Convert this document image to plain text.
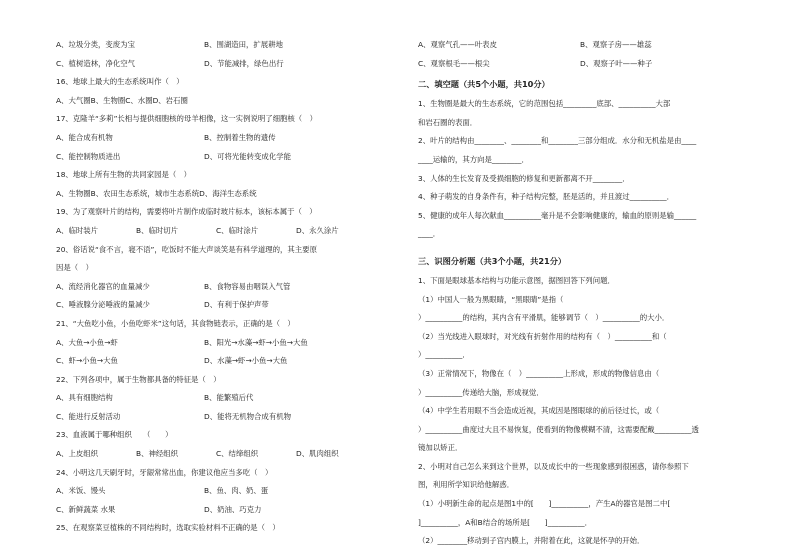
A、垃圾分类，变废为宝	B、围湖造田，扩展耕地
C、植树造林，净化空气	D、节能减排，绿色出行
16、地球上最大的生态系统叫作（　）
A、大气圈B、生物圈C、水圈D、岩石圈
17、克隆羊“多莉”长相与提供细胞核的母羊相像，这一实例说明了细胞核（　）
A、能合成有机物	B、控制着生物的遗传
C、能控制物质进出	D、可将光能转变成化学能
18、地球上所有生物的共同家园是（　）
A、生物圈B、农田生态系统，城市生态系统D、海洋生态系统
19、为了观察叶片的结构，需要将叶片制作成临时玻片标本，该标本属于（　）
A、临时装片	B、临时切片	C、临时涂片	D、永久涂片
20、俗话说“食不言，寝不语”，吃饭时不能大声谈笑是有科学道理的，其主要原
因是（　）
A、流经消化器官的血量减少	B、食物容易由咽误入气管
C、唾液腺分泌唾液的量减少	D、有利于保护声带
21、“大鱼吃小鱼，小鱼吃虾米”这句话，其食物链表示，正确的是（　）
A、大鱼→小鱼→虾	B、阳光→水藻→虾→小鱼→大鱼
C、虾→小鱼→大鱼	D、水藻→虾→小鱼→大鱼
22、下列各项中，属于生物都具备的特征是（　）
A、具有细胞结构	B、能繁殖后代
C、能进行反射活动	D、能将无机物合成有机物
23、血液属于哪种组织　　（　　）
A、上皮组织	B、神经组织	C、结缔组织	D、肌肉组织
24、小明这几天刷牙时，牙龈常常出血，你建议他应当多吃（　）
A、米饭、馒头	B、鱼、肉、奶、蛋
C、新鲜蔬菜 水果	D、奶油、巧克力
25、在观察菜豆植株的不同结构时，选取实验材料不正确的是（　）
A、观察气孔——叶表皮	B、观察子房——雄蕊
C、观察根毛——根尖	D、观察子叶——种子
二、填空题（共5个小题，共10分）
1、生物圈是最大的生态系统，它的范围包括_________底部、__________大部
和岩石圈的表面．
2、叶片的结构由________、________和________三部分组成．水分和无机盐是由____
____运输的，其方向是________．
3、人体的生长发育及受损细胞的修复和更新都离不开________．
4、种子萌发的自身条件有，种子结构完整，胚是活的，并且渡过__________．
5、健康的成年人每次献血__________毫升是不会影响健康的，输血的原则是输______
____．
三、识图分析题（共3个小题，共21分）
1、下面是眼球基本结构与功能示意图，据图回答下列问题．
（1）中国人一般为黑眼睛，“黑眼睛”是指（
）__________的结构，其内含有平滑肌，能够调节（　）__________的大小．
（2）当光线进入眼球时，对光线有折射作用的结构有（　）__________和（
）__________．
（3）正常情况下，物像在（　）__________上形成，形成的物像信息由（
）__________传递给大脑，形成视觉．
（4）中学生若用眼不当会造成近视，其成因是图眼球的前后径过长，或（
）__________曲度过大且不易恢复，使看到的物像模糊不清，这需要配戴__________透
镜加以矫正．
2、小明对自己怎么来到这个世界，以及成长中的一些现象感到很困惑，请你参照下
图，利用所学知识给他解惑．
（1）小明新生命的起点是图1中的[　　]__________，产生A的器官是图二中[
]__________，A和B结合的场所是[　　]__________．
（2）________移动到子宫内膜上，并附着在此，这就是怀孕的开始．
